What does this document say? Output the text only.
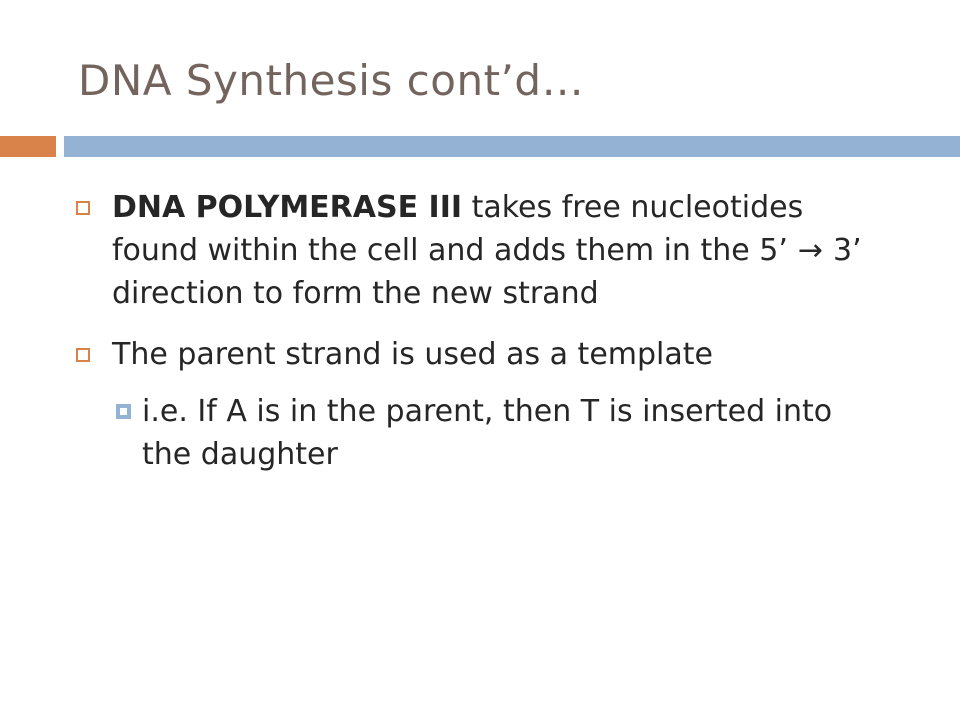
DNA Synthesis cont’d…
DNA POLYMERASE III takes free nucleotides found within the cell and adds them in the 5’ → 3’ direction to form the new strand
The parent strand is used as a template
i.e. If A is in the parent, then T is inserted into the daughter
